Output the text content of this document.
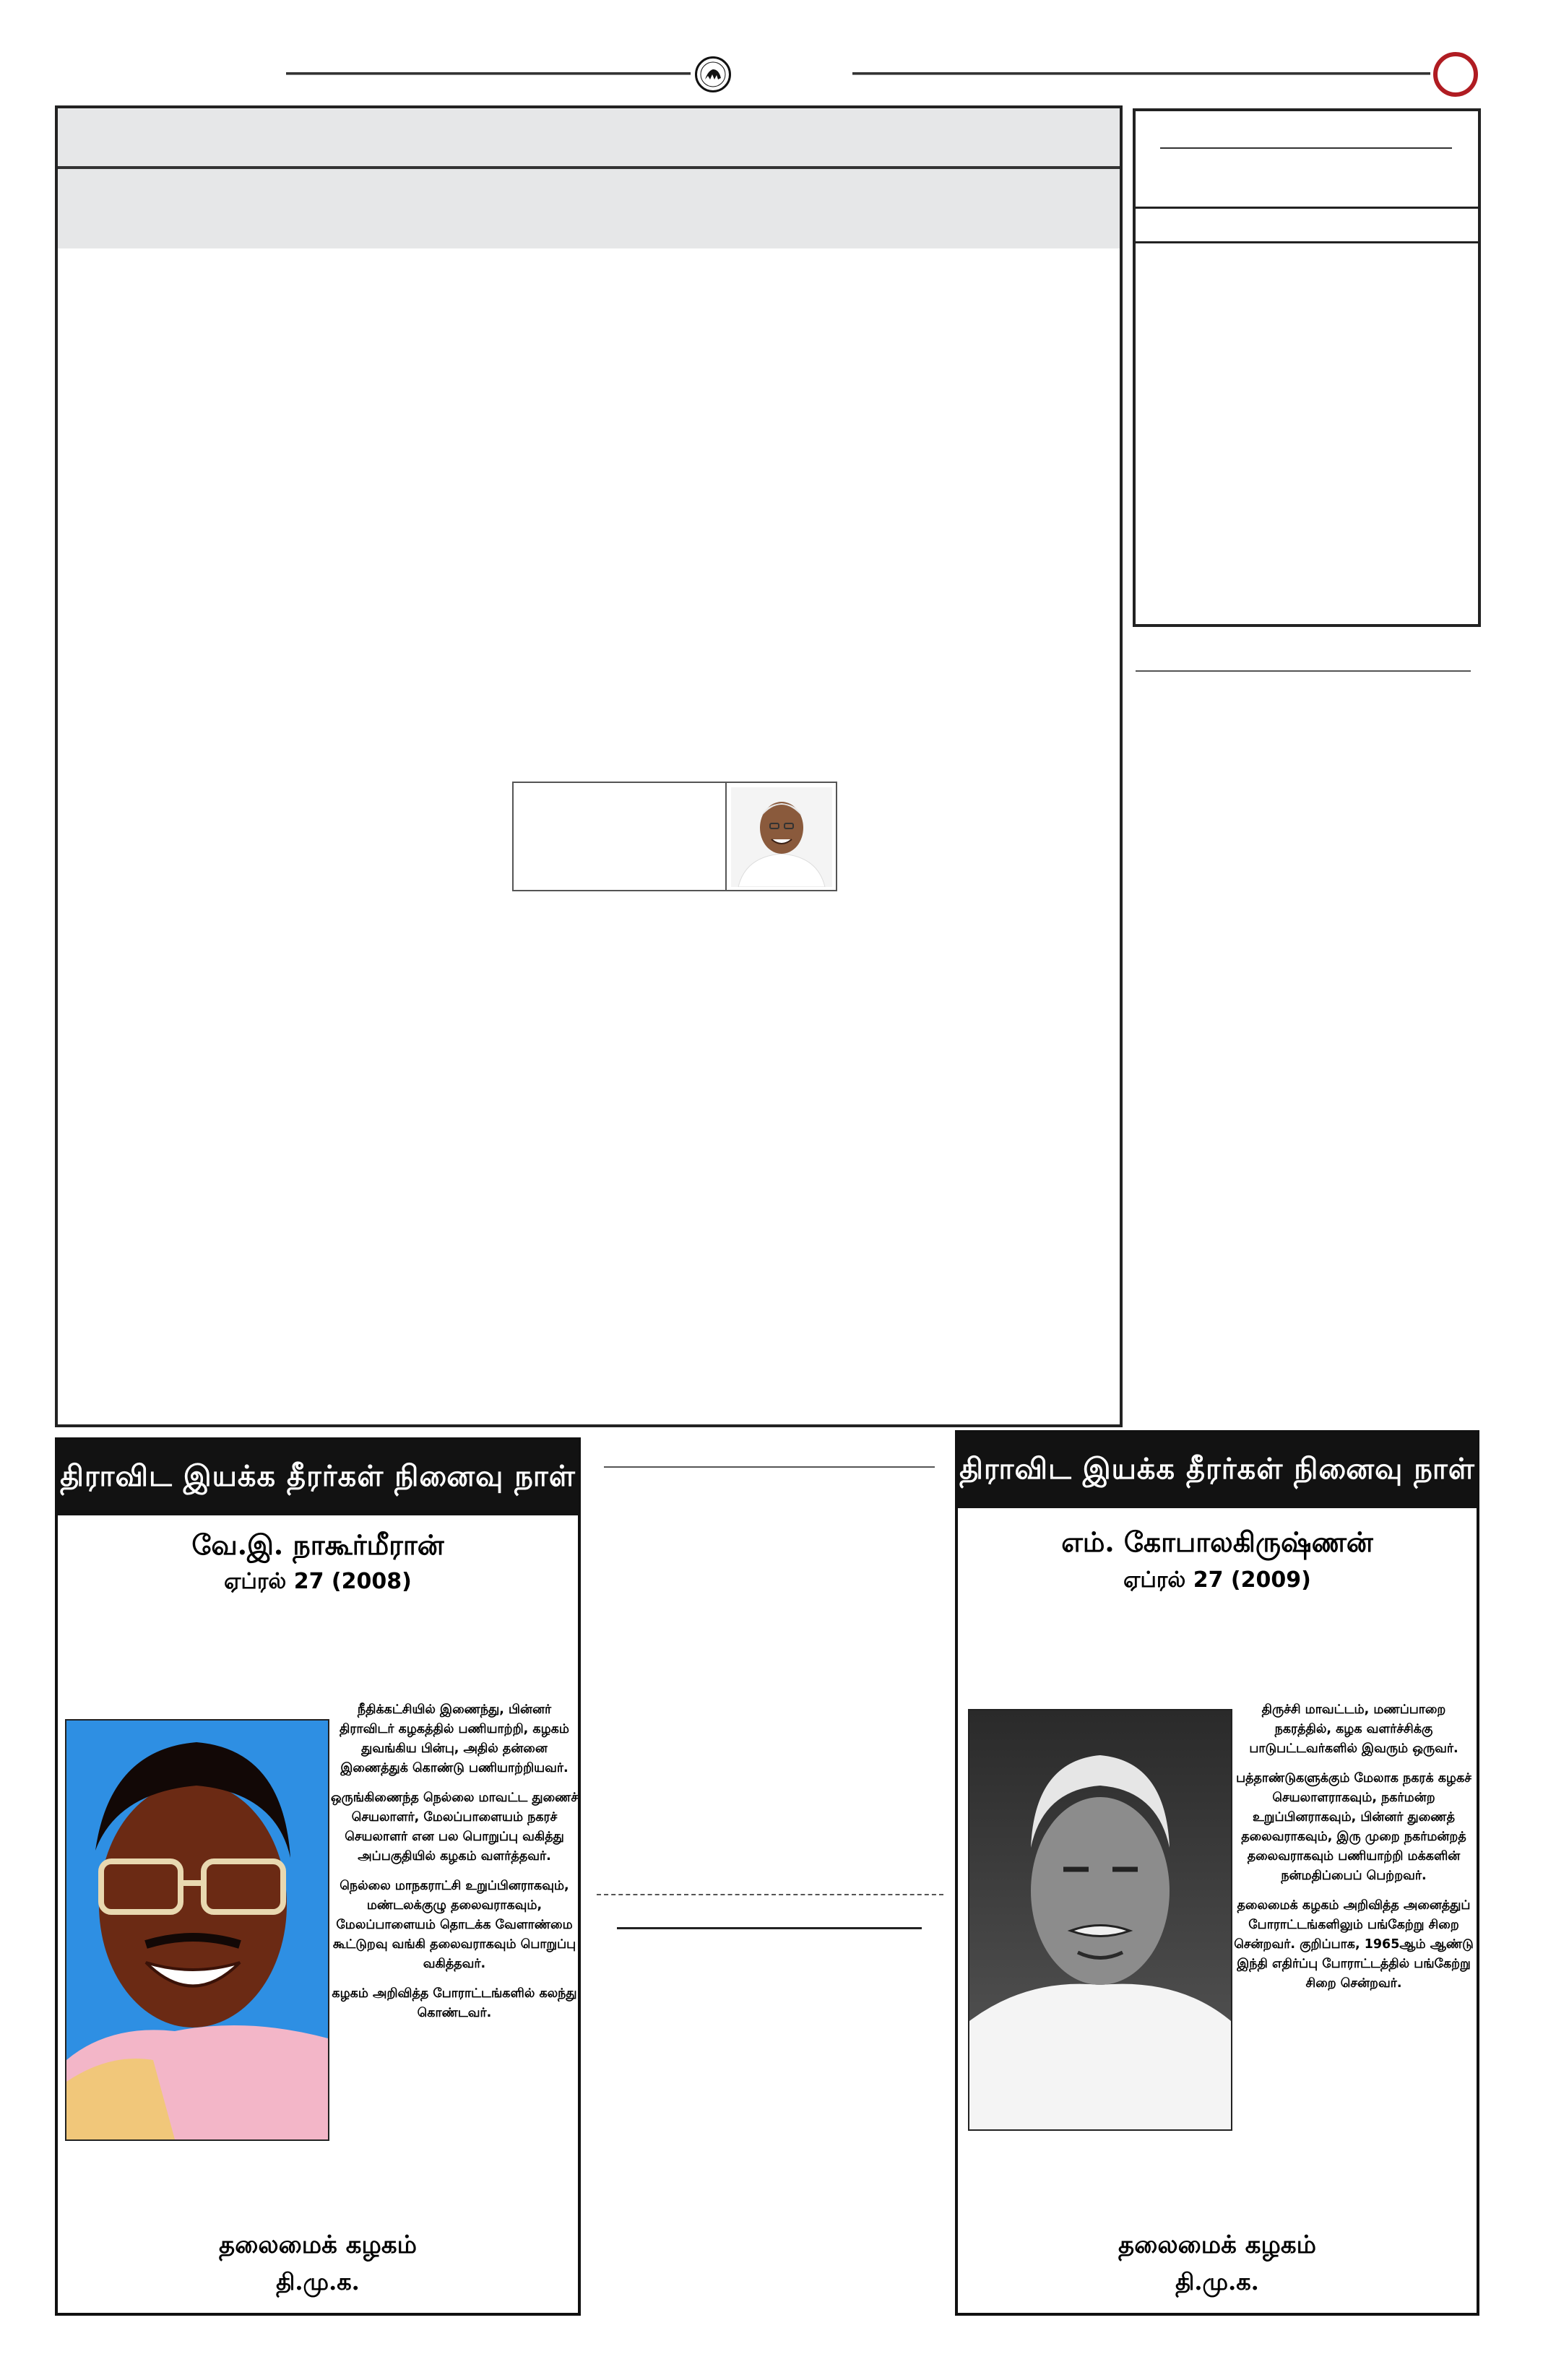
திராவிட இயக்க தீரர்கள் நினைவு நாள்
வே.இ. நாகூர்மீரான்
ஏப்ரல் 27 (2008)

நீதிக்கட்சியில் இணைந்து, பின்னர் திராவிடர் கழகத்தில் பணியாற்றி, கழகம் துவங்கிய பின்பு, அதில் தன்னை இணைத்துக் கொண்டு பணியாற்றியவர்.

ஒருங்கிணைந்த நெல்லை மாவட்ட துணைச் செயலாளர், மேலப்பாளையம் நகரச் செயலாளர் என பல பொறுப்பு வகித்து அப்பகுதியில் கழகம் வளர்த்தவர்.

நெல்லை மாநகராட்சி உறுப்பினராகவும், மண்டலக்குழு தலைவராகவும், மேலப்பாளையம் தொடக்க வேளாண்மை கூட்டுறவு வங்கி தலைவராகவும் பொறுப்பு வகித்தவர்.

கழகம் அறிவித்த போராட்டங்களில் கலந்து கொண்டவர்.

தலைமைக் கழகம்
தி.மு.க.
திராவிட இயக்க தீரர்கள் நினைவு நாள்
எம். கோபாலகிருஷ்ணன்
ஏப்ரல் 27 (2009)

திருச்சி மாவட்டம், மணப்பாறை நகரத்தில், கழக வளர்ச்சிக்கு பாடுபட்டவர்களில் இவரும் ஒருவர்.

பத்தாண்டுகளுக்கும் மேலாக நகரக் கழகச் செயலாளராகவும், நகர்மன்ற உறுப்பினராகவும், பின்னர் துணைத் தலைவராகவும், இரு முறை நகர்மன்றத் தலைவராகவும் பணியாற்றி மக்களின் நன்மதிப்பைப் பெற்றவர்.

தலைமைக் கழகம் அறிவித்த அனைத்துப் போராட்டங்களிலும் பங்கேற்று சிறை சென்றவர். குறிப்பாக, 1965ஆம் ஆண்டு இந்தி எதிர்ப்பு போராட்டத்தில் பங்கேற்று சிறை சென்றவர்.

தலைமைக் கழகம்
தி.மு.க.
